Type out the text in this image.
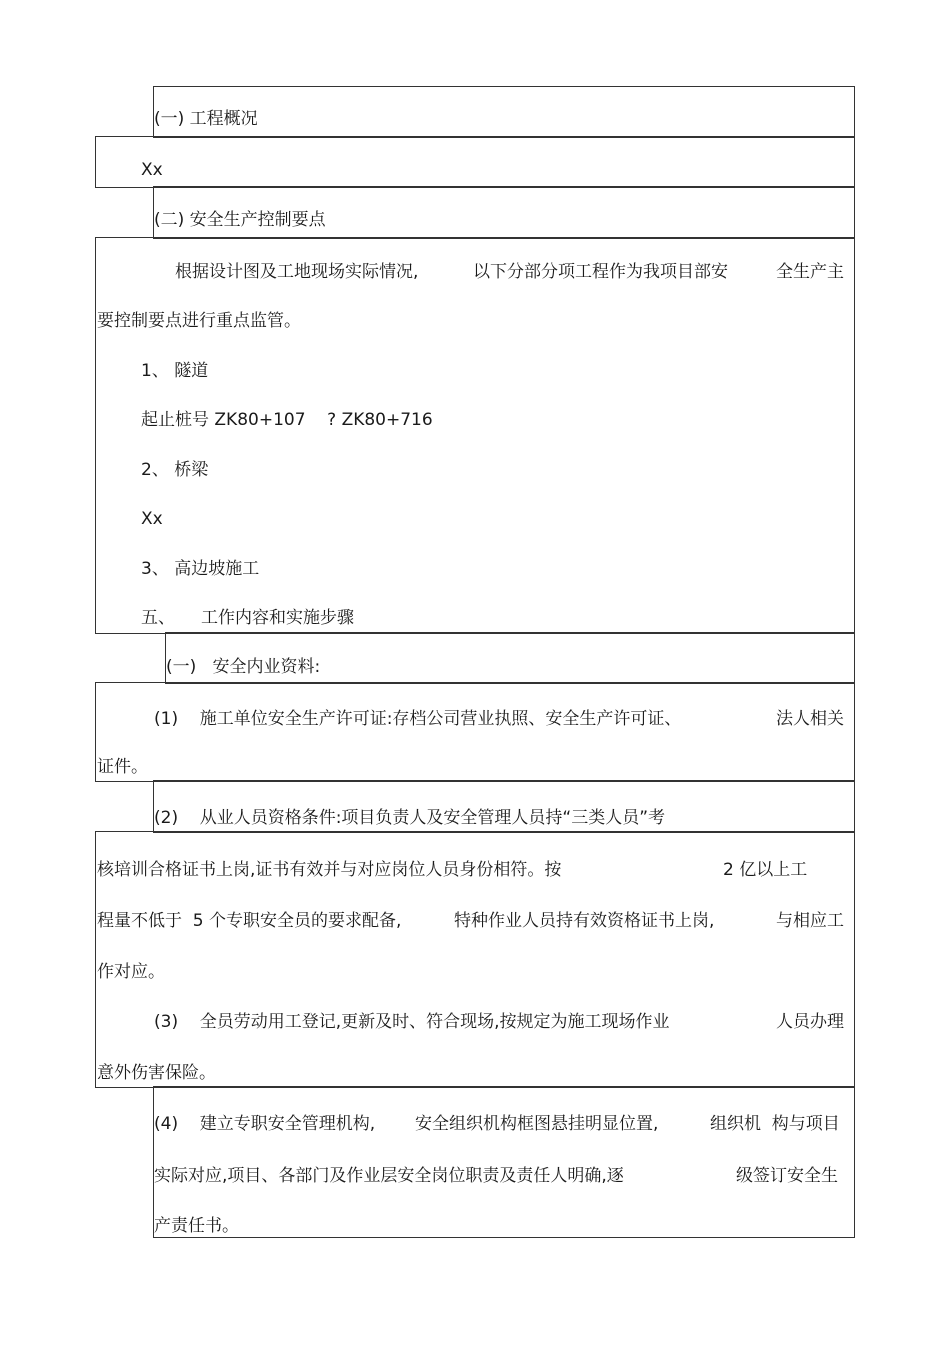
(一) 工程概况
Xx
(二) 安全生产控制要点
根据设计图及工地现场实际情况,	以下分部分项工程作为我项目部安	全生产主
要控制要点进行重点监管。
1、 隧道
起止桩号 ZK80+107    ? ZK80+716
2、 桥梁
Xx
3、 高边坡施工
五、 工作内容和实施步骤
(一)   安全内业资料:
(1)    施工单位安全生产许可证:存档公司营业执照、安全生产许可证、	法人相关
证件。
(2)    从业人员资格条件:项目负责人及安全管理人员持“三类人员”考
核培训合格证书上岗,证书有效并与对应岗位人员身份相符。按	2 亿以上工
程量不低于  5 个专职安全员的要求配备,	特种作业人员持有效资格证书上岗,	与相应工
作对应。
(3)    全员劳动用工登记,更新及时、符合现场,按规定为施工现场作业	人员办理
意外伤害保险。
(4)    建立专职安全管理机构, 安全组织机构框图悬挂明显位置,	组织机  构与项目
实际对应,项目、各部门及作业层安全岗位职责及责任人明确,逐	级签订安全生
产责任书。
